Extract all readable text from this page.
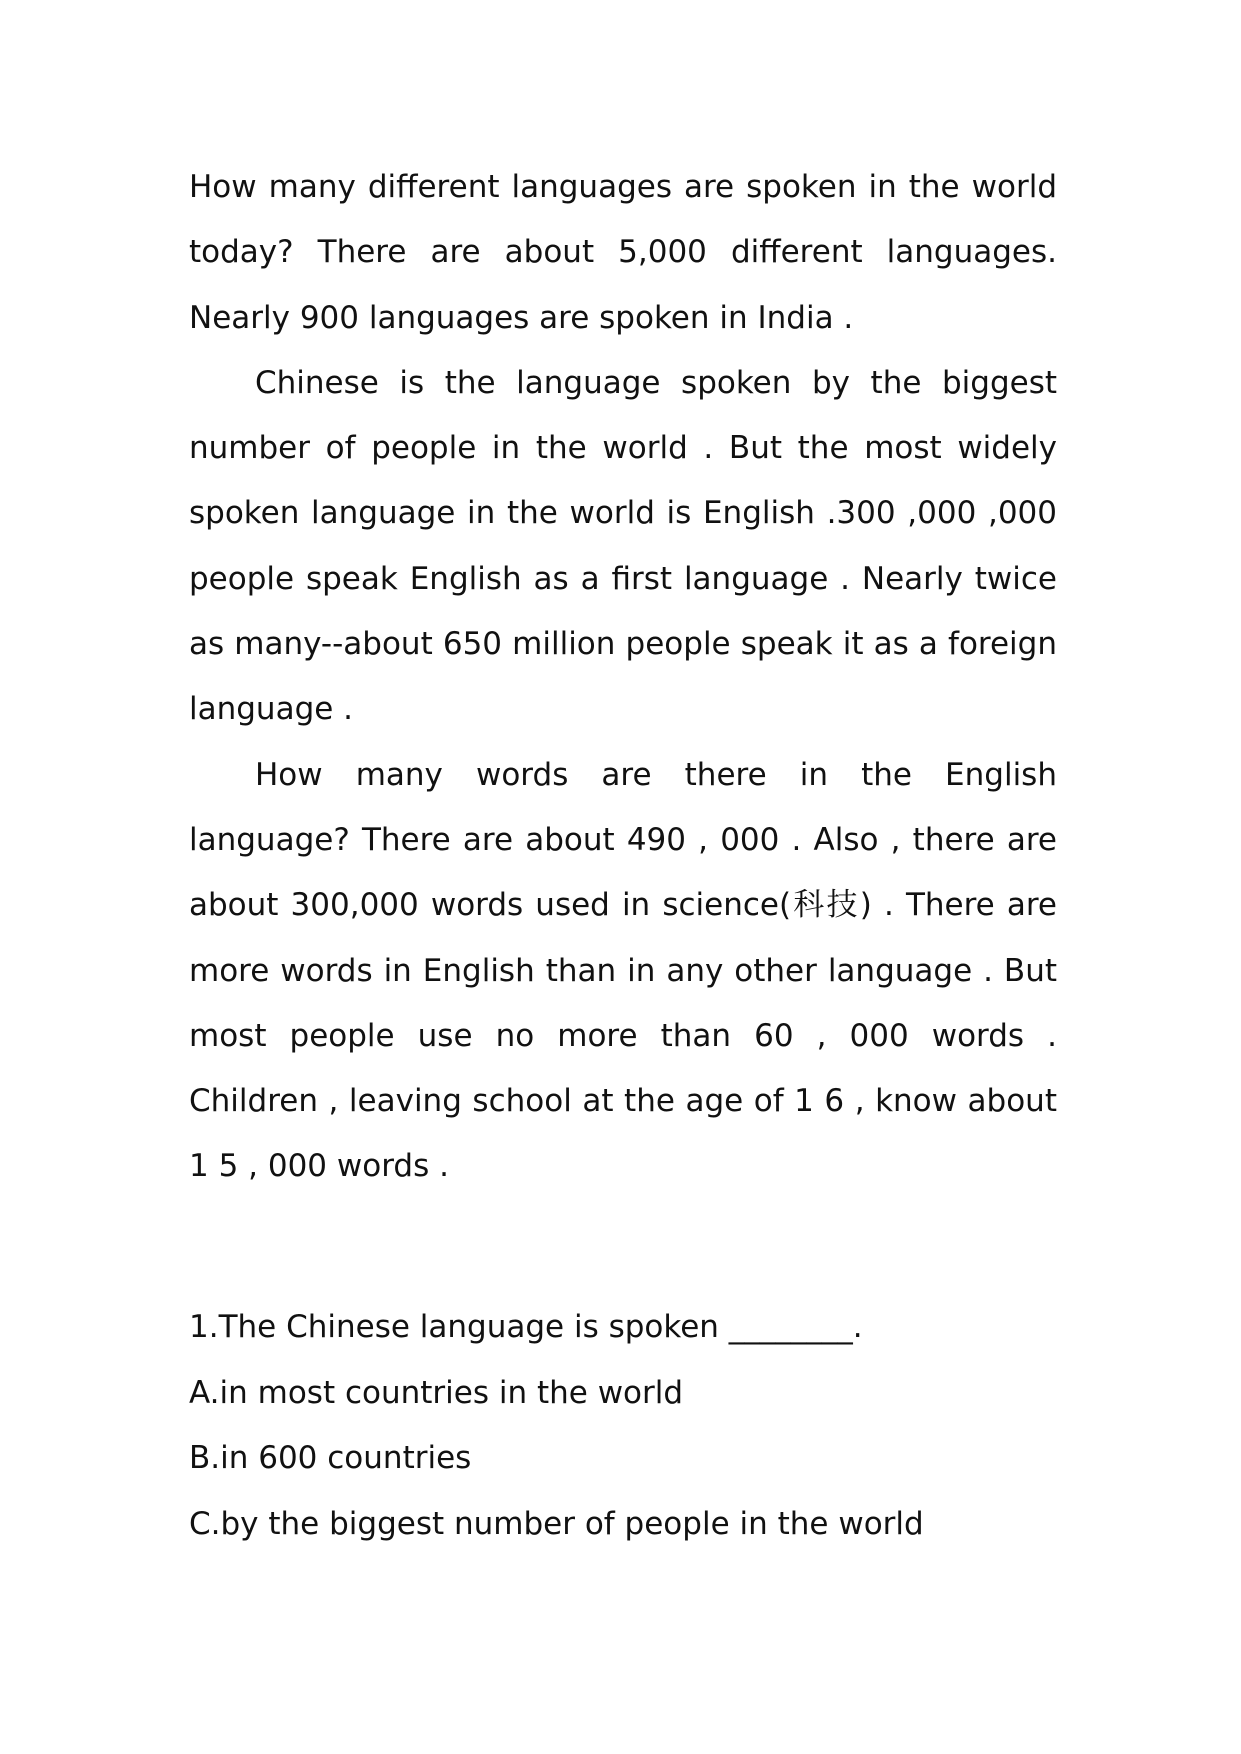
How many different languages are spoken in the world today? There are about 5,000 different languages. Nearly 900 languages are spoken in India .

Chinese is the language spoken by the biggest number of people in the world . But the most widely spoken language in the world is English .300 ,000 ,000 people speak English as a first language . Nearly twice as many--about 650 million people speak it as a foreign language .

How many words are there in the English language? There are about 490 , 000 . Also , there are about 300,000 words used in science(科技) . There are more words in English than in any other language . But most people use no more than 60 , 000 words . Children , leaving school at the age of 1 6 , know about 1 5 , 000 words .

1.The Chinese language is spoken ________.
A.in most countries in the world
B.in 600 countries
C.by the biggest number of people in the world
